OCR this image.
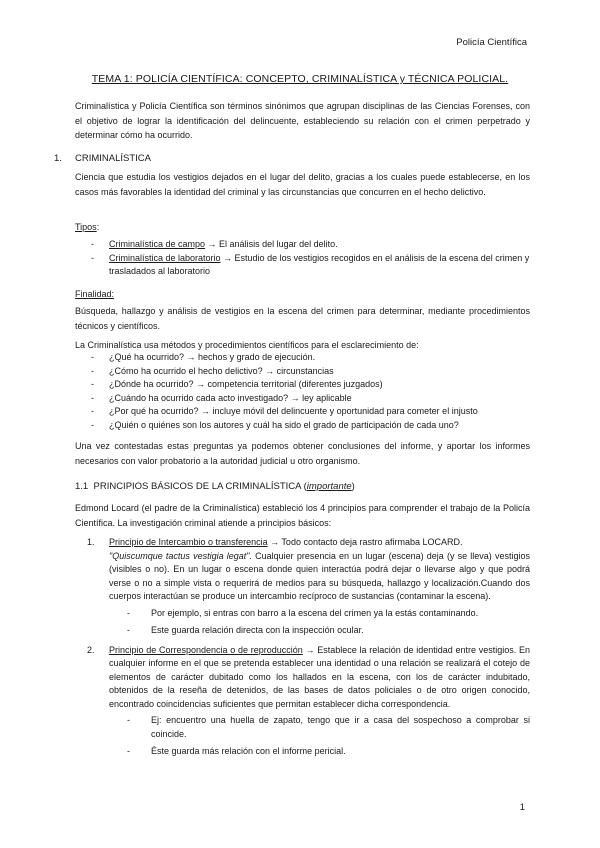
Policía Científica
TEMA 1: POLICÍA CIENTÍFICA: CONCEPTO, CRIMINALÍSTICA y TÉCNICA POLICIAL.

Criminalística y Policía Científica son términos sinónimos que agrupan disciplinas de las Ciencias Forenses, con el objetivo de lograr la identificación del delincuente, estableciendo su relación con el crimen perpetrado y determinar cómo ha ocurrido.

1. CRIMINALÍSTICA

Ciencia que estudia los vestigios dejados en el lugar del delito, gracias a los cuales puede establecerse, en los casos más favorables la identidad del criminal y las circunstancias que concurren en el hecho delictivo.

Tipos:
- Criminalística de campo → El análisis del lugar del delito.
- Criminalística de laboratorio → Estudio de los vestigios recogidos en el análisis de la escena del crimen y trasladados al laboratorio
Finalidad:

Búsqueda, hallazgo y análisis de vestigios en la escena del crimen para determinar, mediante procedimientos técnicos y científicos.

La Criminalística usa métodos y procedimientos científicos para el esclarecimiento de:

- ¿Qué ha ocurrido? → hechos y grado de ejecución.
- ¿Cómo ha ocurrido el hecho delictivo? → circunstancias
- ¿Dónde ha ocurrido? → competencia territorial (diferentes juzgados)
- ¿Cuándo ha ocurrido cada acto investigado? → ley aplicable
- ¿Por qué ha ocurrido? → incluye móvil del delincuente y oportunidad para cometer el injusto
- ¿Quién o quiénes son los autores y cuál ha sido el grado de participación de cada uno?

Una vez contestadas estas preguntas ya podemos obtener conclusiones del informe, y aportar los informes necesarios con valor probatorio a la autoridad judicial u otro organismo.

1.1 PRINCIPIOS BÁSICOS DE LA CRIMINALÍSTICA (importante)

Edmond Locard (el padre de la Criminalística) estableció los 4 principios para comprender el trabajo de la Policía Científica. La investigación criminal atiende a principios básicos:

1. Principio de Intercambio o transferencia → Todo contacto deja rastro afirmaba LOCARD.
"Quiscumque tactus vestigia legat". Cualquier presencia en un lugar (escena) deja (y se lleva) vestigios (visibles o no). En un lugar o escena donde quien interactúa podrá dejar o llevarse algo y que podrá verse o no a simple vista o requerirá de medios para su búsqueda, hallazgo y localización.Cuando dos cuerpos interactúan se produce un intercambio recíproco de sustancias (contaminar la escena).
- Por ejemplo, si entras con barro a la escena del crimen ya la estás contaminando.
- Este guarda relación directa con la inspección ocular.
2. Principio de Correspondencia o de reproducción → Establece la relación de identidad entre vestigios. En cualquier informe en el que se pretenda establecer una identidad o una relación se realizará el cotejo de elementos de carácter dubitado como los hallados en la escena, con los de carácter indubitado, obtenidos de la reseña de detenidos, de las bases de datos policiales o de otro origen conocido, encontrado coincidencias suficientes que permitan establecer dicha correspondencia.
- Ej: encuentro una huella de zapato, tengo que ir a casa del sospechoso a comprobar si coincide.
- Éste guarda más relación con el informe pericial.
1
